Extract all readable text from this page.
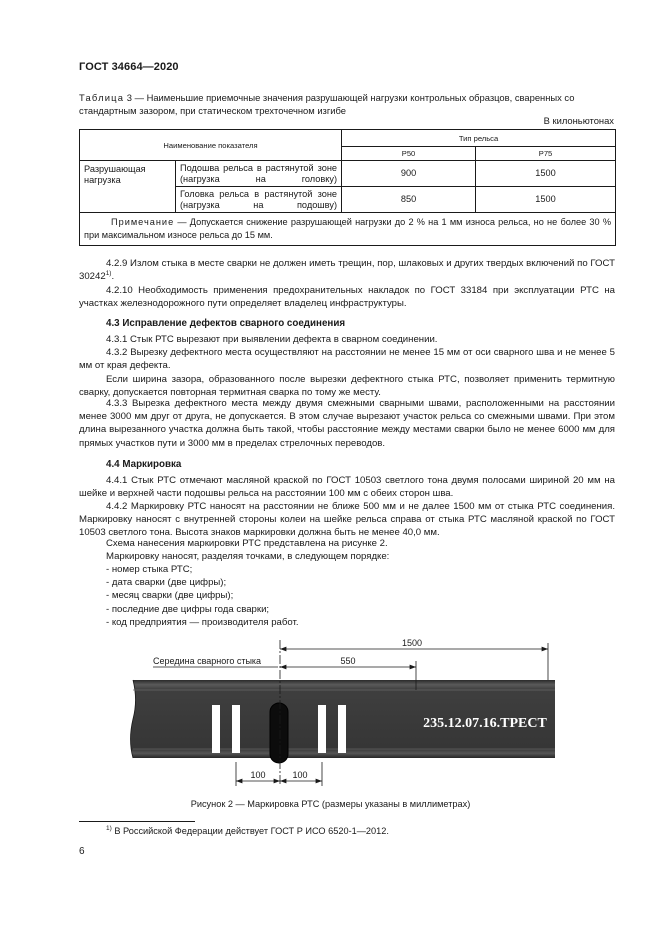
ГОСТ 34664—2020
Таблица 3 — Наименьшие приемочные значения разрушающей нагрузки контрольных образцов, сваренных со стандартным зазором, при статическом трехточечном изгибе
В килоньютонах
Наименование показателя		Тип рельса	
		Р50	Р75
Разрушающая нагрузка	Подошва рельса в растянутой зоне (нагрузка на головку)	900	1500
	Головка рельса в растянутой зоне (нагрузка на подошву)	850	1500
Примечание — Допускается снижение разрушающей нагрузки до 2 % на 1 мм износа рельса, но не более 30 % при максимальном износе рельса до 15 мм.			
4.2.9 Излом стыка в месте сварки не должен иметь трещин, пор, шлаковых и других твердых включений по ГОСТ 30242$^{1)}$.
4.2.10 Необходимость применения предохранительных накладок по ГОСТ 33184 при эксплуатации РТС на участках железнодорожного пути определяет владелец инфраструктуры.
4.3 Исправление дефектов сварного соединения
4.3.1 Стык РТС вырезают при выявлении дефекта в сварном соединении.
4.3.2 Вырезку дефектного места осуществляют на расстоянии не менее 15 мм от оси сварного шва и не менее 5 мм от края дефекта.
Если ширина зазора, образованного после вырезки дефектного стыка РТС, позволяет применить термитную сварку, допускается повторная термитная сварка по тому же месту.
4.3.3 Вырезка дефектного места между двумя смежными сварными швами, расположенными на расстоянии менее 3000 мм друг от друга, не допускается. В этом случае вырезают участок рельса со смежными швами. При этом длина вырезанного участка должна быть такой, чтобы расстояние между местами сварки было не менее 6000 мм для прямых участков пути и 3000 мм в пределах стрелочных переводов.
4.4 Маркировка
4.4.1 Стык РТС отмечают масляной краской по ГОСТ 10503 светлого тона двумя полосами шириной 20 мм на шейке и верхней части подошвы рельса на расстоянии 100 мм с обеих сторон шва.
4.4.2 Маркировку РТС наносят на расстоянии не ближе 500 мм и не далее 1500 мм от стыка РТС соединения. Маркировку наносят с внутренней стороны колеи на шейке рельса справа от стыка РТС масляной краской по ГОСТ 10503 светлого тона. Высота знаков маркировки должна быть не менее 40,0 мм.
Схема нанесения маркировки РТС представлена на рисунке 2.
Маркировку наносят, разделяя точками, в следующем порядке:
- номер стыка РТС;
- дата сварки (две цифры);
- месяц сварки (две цифры);
- последние две цифры года сварки;
- код предприятия — производителя работ.
235.12.07.16.ТРЕСТ
1500
Середина сварного стыка	550
100	100
Рисунок 2 — Маркировка РТС (размеры указаны в миллиметрах)
$^{1)}$ В Российской Федерации действует ГОСТ Р ИСО 6520-1—2012.
6
